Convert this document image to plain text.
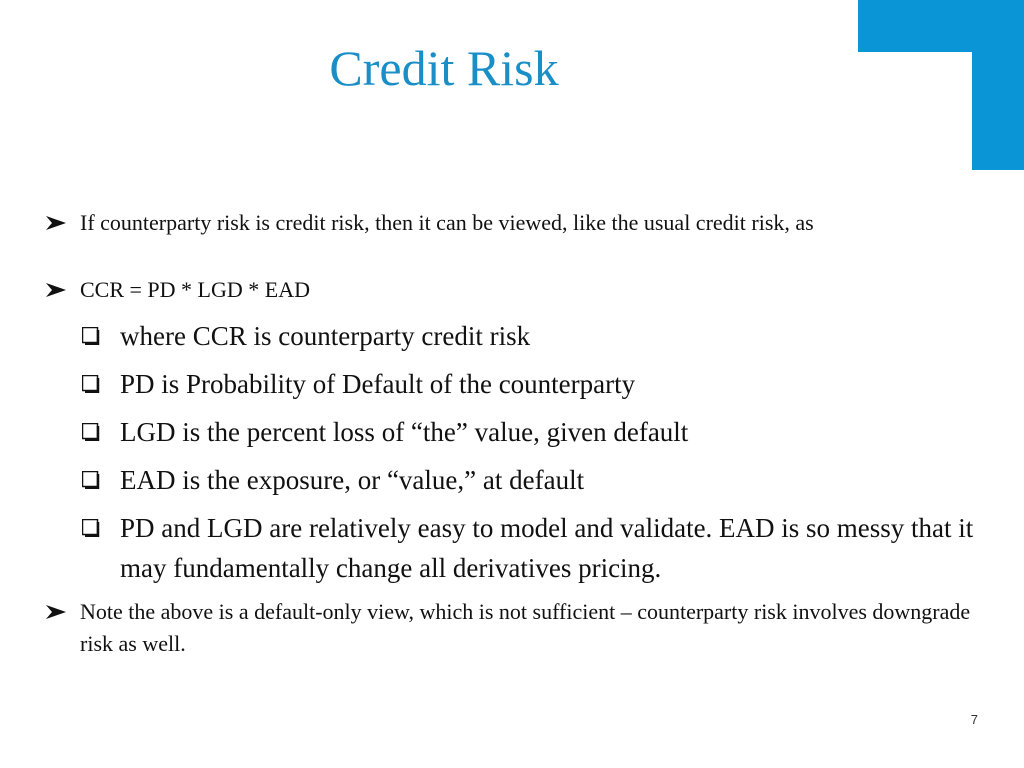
Credit Risk
If counterparty risk is credit risk, then it can be viewed, like the usual credit risk, as
CCR = PD * LGD * EAD
where CCR is counterparty credit risk
PD is Probability of Default of the counterparty
LGD is the percent loss of “the” value, given default
EAD is the exposure, or “value,” at default
PD and LGD are relatively easy to model and validate. EAD is so messy that it may fundamentally change all derivatives pricing.
Note the above is a default-only view, which is not sufficient – counterparty risk involves downgrade risk as well.
7
